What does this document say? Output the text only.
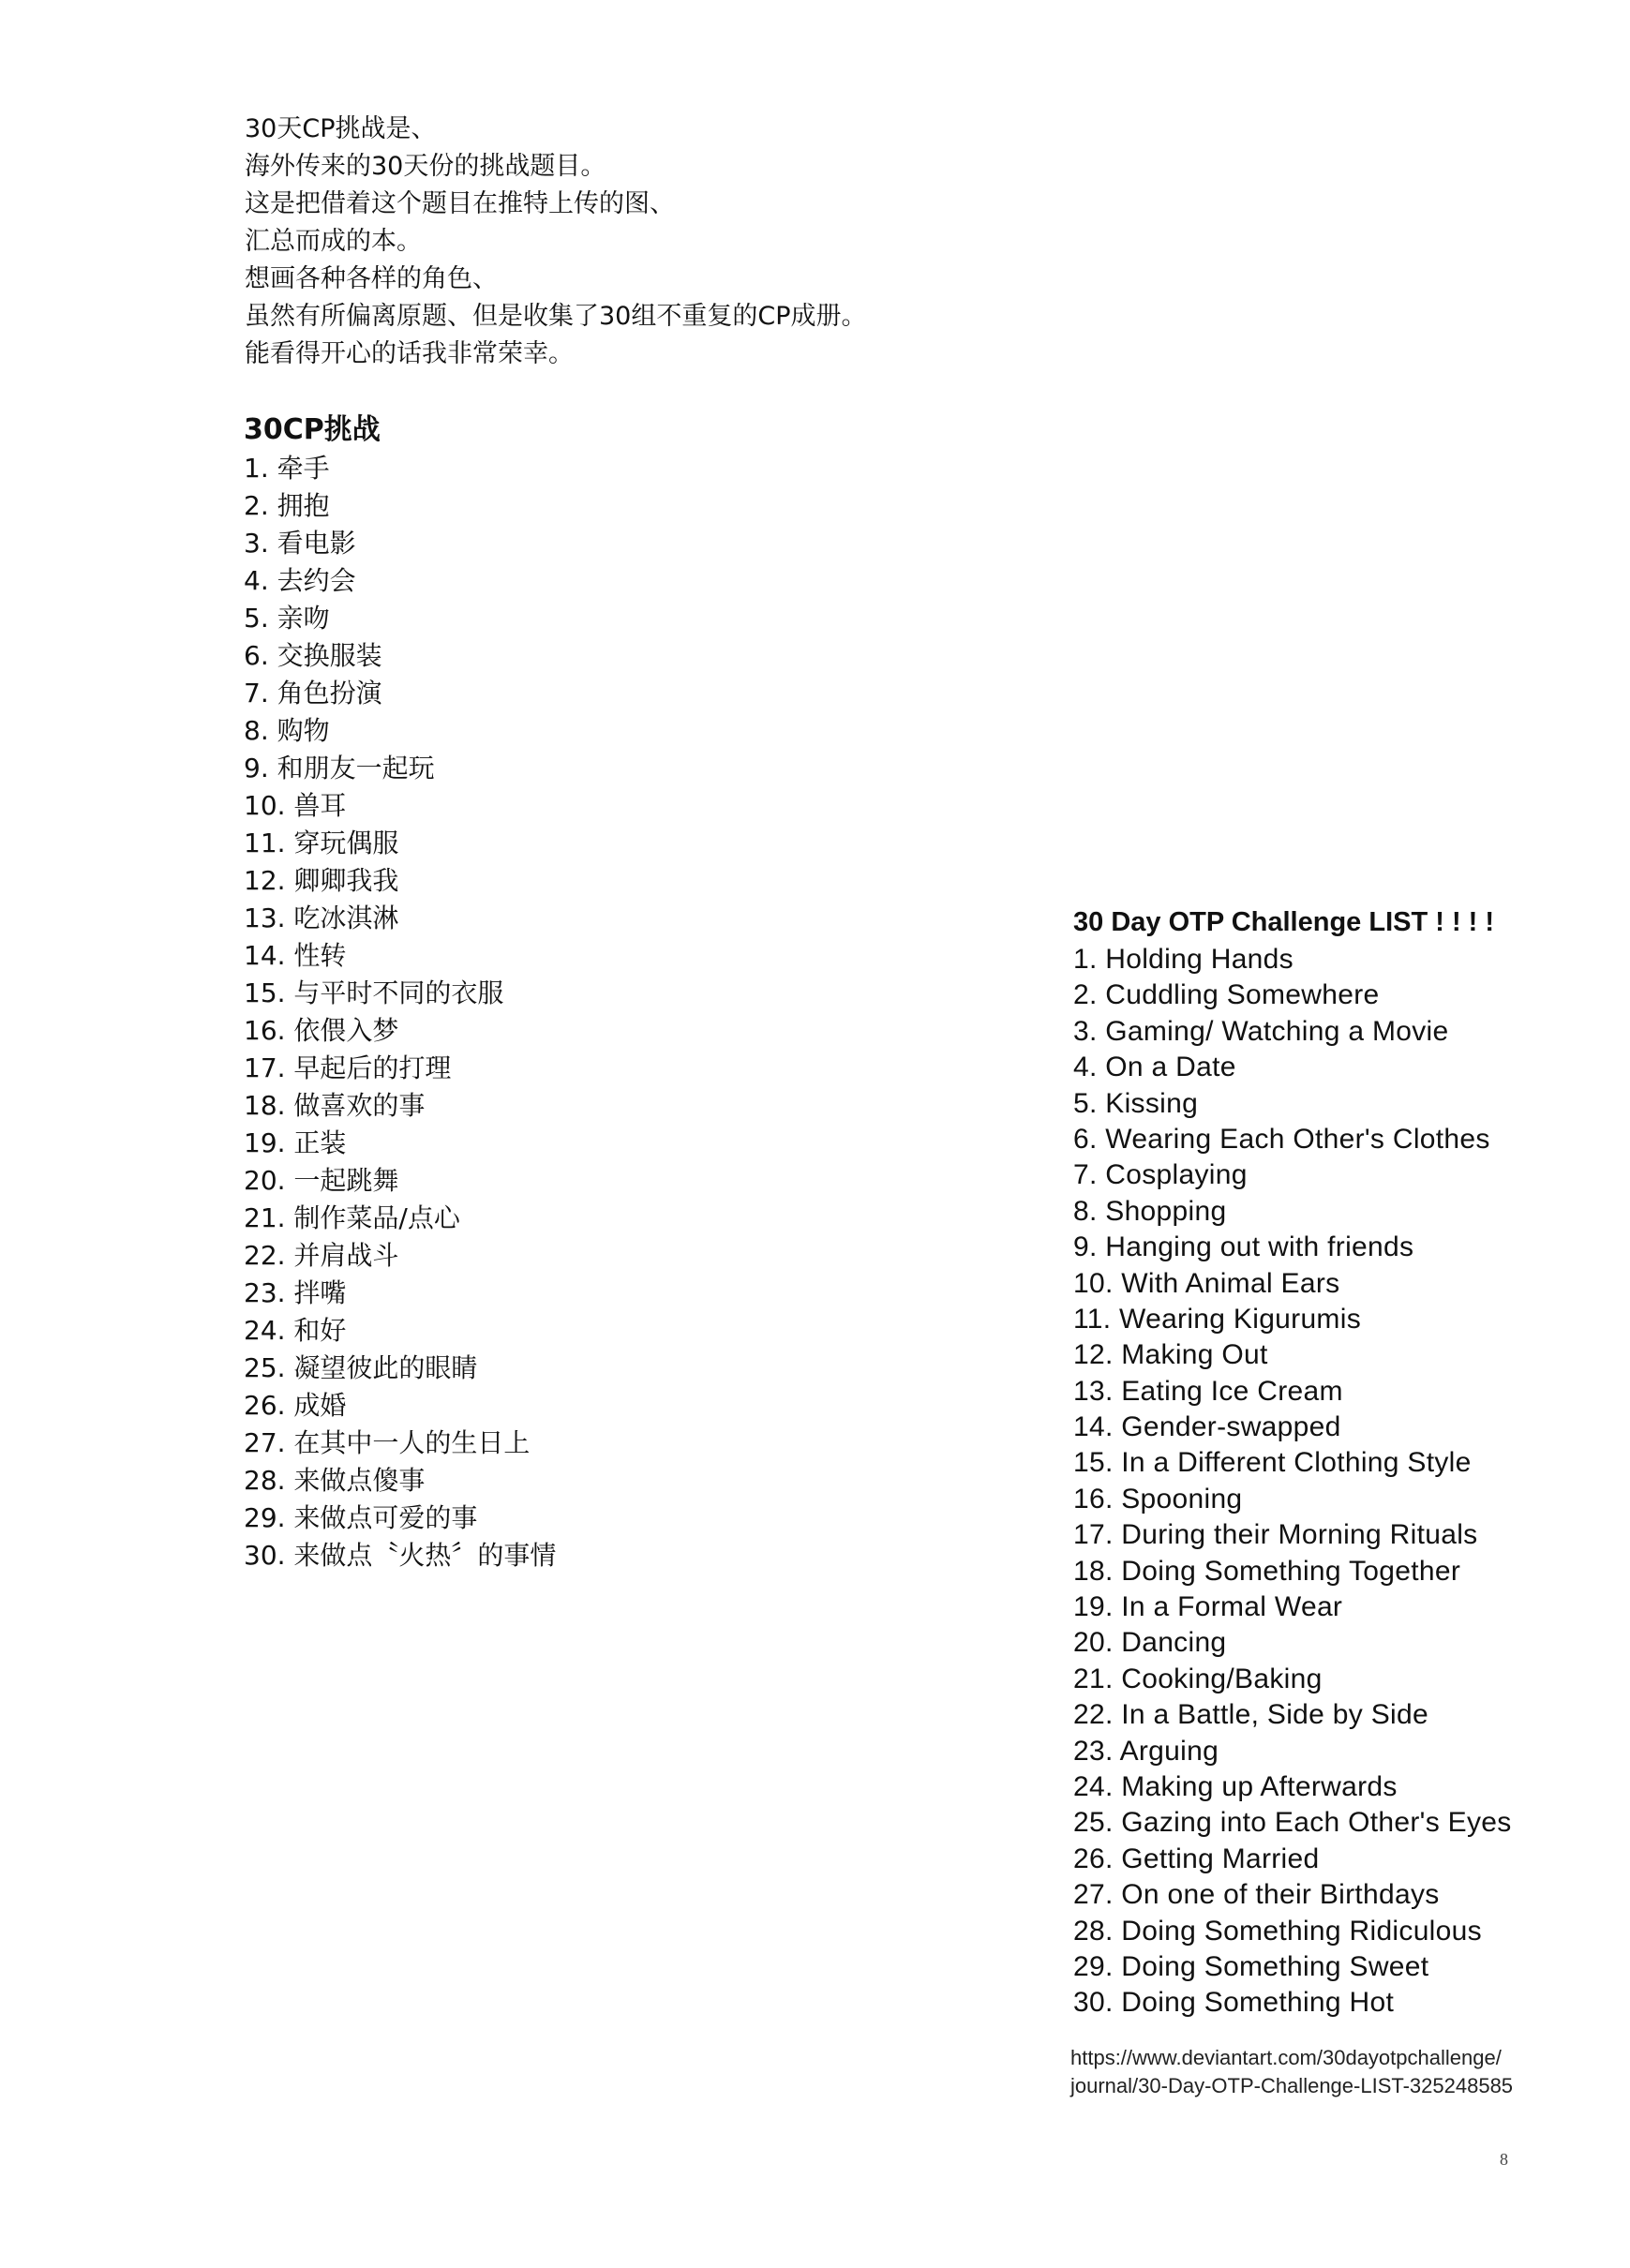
30天CP挑战是、
海外传来的30天份的挑战题目。
这是把借着这个题目在推特上传的图、
汇总而成的本。
想画各种各样的角色、
虽然有所偏离原题、但是收集了30组不重复的CP成册。
能看得开心的话我非常荣幸。
30CP挑战
1. 牵手
2. 拥抱
3. 看电影
4. 去约会
5. 亲吻
6. 交换服装
7. 角色扮演
8. 购物
9. 和朋友一起玩
10. 兽耳
11. 穿玩偶服
12. 卿卿我我
13. 吃冰淇淋
14. 性转
15. 与平时不同的衣服
16. 依偎入梦
17. 早起后的打理
18. 做喜欢的事
19. 正装
20. 一起跳舞
21. 制作菜品/点心
22. 并肩战斗
23. 拌嘴
24. 和好
25. 凝望彼此的眼睛
26. 成婚
27. 在其中一人的生日上
28. 来做点傻事
29. 来做点可爱的事
30. 来做点〝火热〞的事情
30 Day OTP Challenge LIST ! ! ! !
1. Holding Hands
2. Cuddling Somewhere
3. Gaming/ Watching a Movie
4. On a Date
5. Kissing
6. Wearing Each Other's Clothes
7. Cosplaying
8. Shopping
9. Hanging out with friends
10. With Animal Ears
11. Wearing Kigurumis
12. Making Out
13. Eating Ice Cream
14. Gender-swapped
15. In a Different Clothing Style
16. Spooning
17. During their Morning Rituals
18. Doing Something Together
19. In a Formal Wear
20. Dancing
21. Cooking/Baking
22. In a Battle, Side by Side
23. Arguing
24. Making up Afterwards
25. Gazing into Each Other's Eyes
26. Getting Married
27. On one of their Birthdays
28. Doing Something Ridiculous
29. Doing Something Sweet
30. Doing Something Hot
https://www.deviantart.com/30dayotpchallenge/
journal/30-Day-OTP-Challenge-LIST-325248585
8
